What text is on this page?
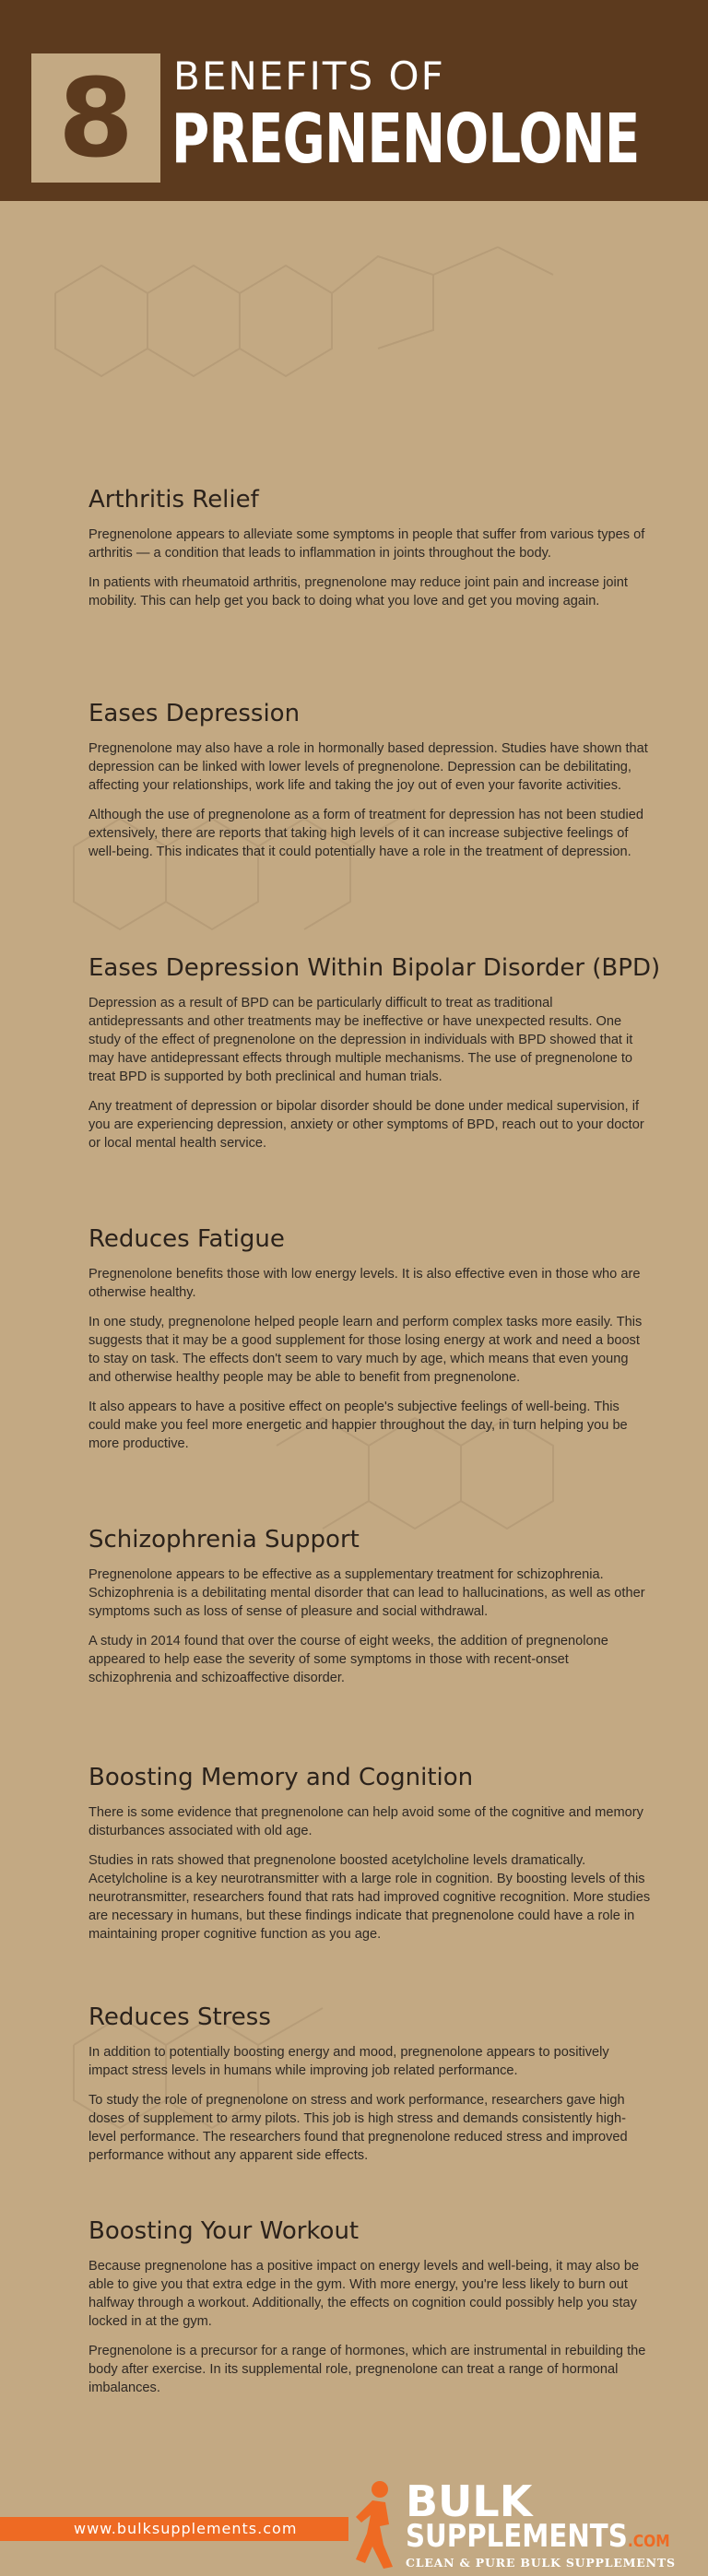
8 BENEFITS OF
PREGNENOLONE
Arthritis Relief

Pregnenolone appears to alleviate some symptoms in people that suffer from various types of arthritis — a condition that leads to inflammation in joints throughout the body.

In patients with rheumatoid arthritis, pregnenolone may reduce joint pain and increase joint mobility. This can help get you back to doing what you love and get you moving again.

Eases Depression

Pregnenolone may also have a role in hormonally based depression. Studies have shown that depression can be linked with lower levels of pregnenolone. Depression can be debilitating, affecting your relationships, work life and taking the joy out of even your favorite activities.

Although the use of pregnenolone as a form of treatment for depression has not been studied extensively, there are reports that taking high levels of it can increase subjective feelings of well-being. This indicates that it could potentially have a role in the treatment of depression.

Eases Depression Within Bipolar Disorder (BPD)

Depression as a result of BPD can be particularly difficult to treat as traditional antidepressants and other treatments may be ineffective or have unexpected results. One study of the effect of pregnenolone on the depression in individuals with BPD showed that it may have antidepressant effects through multiple mechanisms. The use of pregnenolone to treat BPD is supported by both preclinical and human trials.

Any treatment of depression or bipolar disorder should be done under medical supervision, if you are experiencing depression, anxiety or other symptoms of BPD, reach out to your doctor or local mental health service.

Reduces Fatigue

Pregnenolone benefits those with low energy levels. It is also effective even in those who are otherwise healthy.

In one study, pregnenolone helped people learn and perform complex tasks more easily. This suggests that it may be a good supplement for those losing energy at work and need a boost to stay on task. The effects don't seem to vary much by age, which means that even young and otherwise healthy people may be able to benefit from pregnenolone.

It also appears to have a positive effect on people's subjective feelings of well-being. This could make you feel more energetic and happier throughout the day, in turn helping you be more productive.

Schizophrenia Support

Pregnenolone appears to be effective as a supplementary treatment for schizophrenia. Schizophrenia is a debilitating mental disorder that can lead to hallucinations, as well as other symptoms such as loss of sense of pleasure and social withdrawal.

A study in 2014 found that over the course of eight weeks, the addition of pregnenolone appeared to help ease the severity of some symptoms in those with recent-onset schizophrenia and schizoaffective disorder.

Boosting Memory and Cognition

There is some evidence that pregnenolone can help avoid some of the cognitive and memory disturbances associated with old age.

Studies in rats showed that pregnenolone boosted acetylcholine levels dramatically. Acetylcholine is a key neurotransmitter with a large role in cognition. By boosting levels of this neurotransmitter, researchers found that rats had improved cognitive recognition. More studies are necessary in humans, but these findings indicate that pregnenolone could have a role in maintaining proper cognitive function as you age.

Reduces Stress

In addition to potentially boosting energy and mood, pregnenolone appears to positively impact stress levels in humans while improving job related performance.

To study the role of pregnenolone on stress and work performance, researchers gave high doses of supplement to army pilots. This job is high stress and demands consistently high-level performance. The researchers found that pregnenolone reduced stress and improved performance without any apparent side effects.

Boosting Your Workout

Because pregnenolone has a positive impact on energy levels and well-being, it may also be able to give you that extra edge in the gym. With more energy, you're less likely to burn out halfway through a workout. Additionally, the effects on cognition could possibly help you stay locked in at the gym.

Pregnenolone is a precursor for a range of hormones, which are instrumental in rebuilding the body after exercise. In its supplemental role, pregnenolone can treat a range of hormonal imbalances.

www.bulksupplements.com
BULK
SUPPLEMENTS.COM
CLEAN & PURE BULK SUPPLEMENTS
